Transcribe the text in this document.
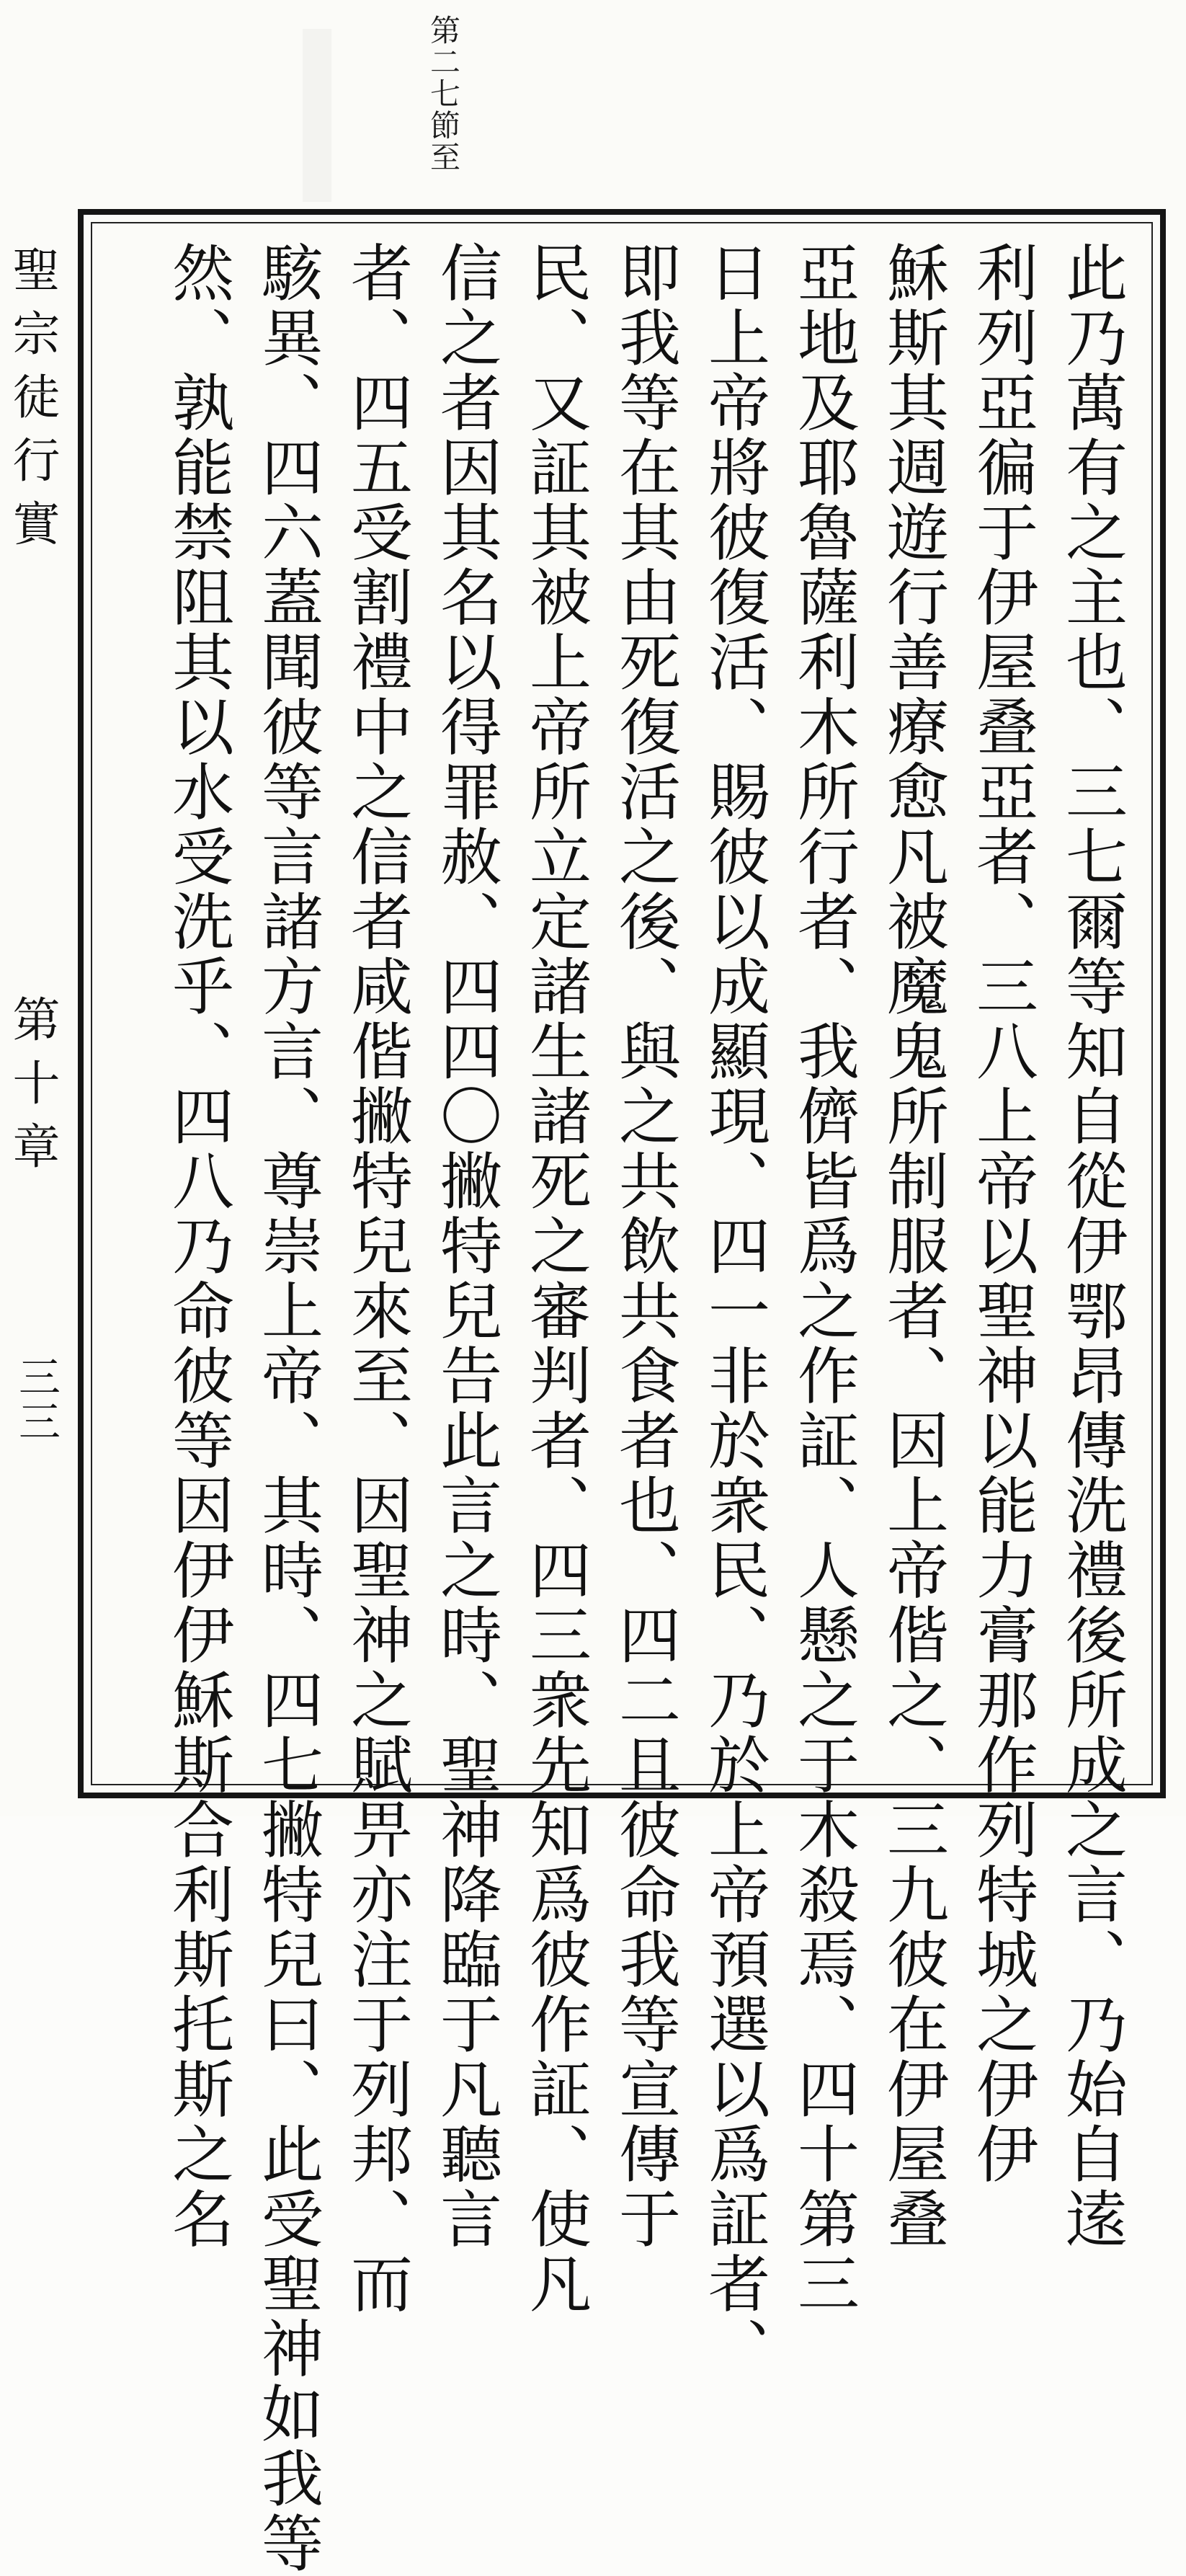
第二七節至
聖宗徒行實
第十章
三三	此乃萬有之主也、三七爾等知自從伊鄂昂傳洗禮後所成之言、乃始自逺
利列亞徧于伊屋叠亞者、三八上帝以聖神以能力膏那作列特城之伊伊
穌斯其週遊行善療愈凡被魔鬼所制服者、因上帝偕之、三九彼在伊屋叠
亞地及耶魯薩利木所行者、我儕皆爲之作証、人懸之于木殺焉、四十第三
日上帝將彼復活、賜彼以成顯現、四一非於衆民、乃於上帝預選以爲証者、
即我等在其由死復活之後、與之共飲共食者也、四二且彼命我等宣傳于
民、又証其被上帝所立定諸生諸死之審判者、四三衆先知爲彼作証、使凡
信之者因其名以得罪赦、四四〇撇特兒告此言之時、聖神降臨于凡聽言
者、四五受割禮中之信者咸偕撇特兒來至、因聖神之賦畀亦注于列邦、而
駭異、四六蓋聞彼等言諸方言、尊崇上帝、其時、四七撇特兒曰、此受聖神如我等
然、孰能禁阻其以水受洗乎、四八乃命彼等因伊伊穌斯合利斯托斯之名
